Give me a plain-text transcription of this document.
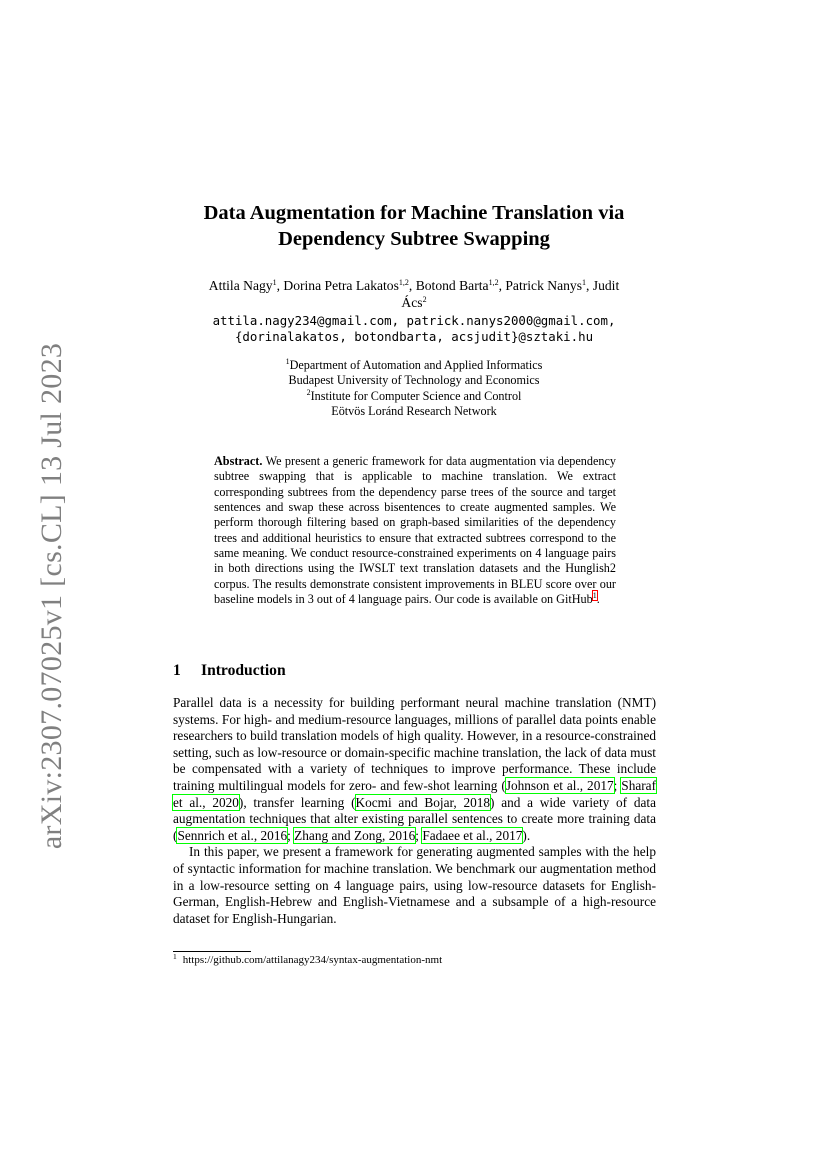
arXiv:2307.07025v1 [cs.CL] 13 Jul 2023
Data Augmentation for Machine Translation via
Dependency Subtree Swapping
Attila Nagy$^1$, Dorina Petra Lakatos$^{1,2}$, Botond Barta$^{1,2}$, Patrick Nanys$^1$, Judit
Ács$^2$
attila.nagy234@gmail.com, patrick.nanys2000@gmail.com,
{dorinalakatos, botondbarta, acsjudit}@sztaki.hu
$^1$Department of Automation and Applied Informatics
Budapest University of Technology and Economics
$^2$Institute for Computer Science and Control
Eötvös Loránd Research Network
Abstract. We present a generic framework for data augmentation via dependency subtree swapping that is applicable to machine translation. We extract corresponding subtrees from the dependency parse trees of the source and target sentences and swap these across bisentences to create augmented samples. We perform thorough filtering based on graph-based similarities of the dependency trees and additional heuristics to ensure that extracted subtrees correspond to the same meaning. We conduct resource-constrained experiments on 4 language pairs in both directions using the IWSLT text translation datasets and the Hunglish2 corpus. The results demonstrate consistent improvements in BLEU score over our baseline models in 3 out of 4 language pairs. Our code is available on GitHub$^1$.
1 Introduction

Parallel data is a necessity for building performant neural machine translation (NMT) systems. For high- and medium-resource languages, millions of parallel data points enable researchers to build translation models of high quality. However, in a resource-constrained setting, such as low-resource or domain-specific machine translation, the lack of data must be compensated with a variety of techniques to improve performance. These include training multilingual models for zero- and few-shot learning (Johnson et al., 2017; Sharaf et al., 2020), transfer learning (Kocmi and Bojar, 2018) and a wide variety of data augmentation techniques that alter existing parallel sentences to create more training data (Sennrich et al., 2016; Zhang and Zong, 2016; Fadaee et al., 2017).

In this paper, we present a framework for generating augmented samples with the help of syntactic information for machine translation. We benchmark our augmentation method in a low-resource setting on 4 language pairs, using low-resource datasets for English-German, English-Hebrew and English-Vietnamese and a subsample of a high-resource dataset for English-Hungarian.

$^1$ https://github.com/attilanagy234/syntax-augmentation-nmt
